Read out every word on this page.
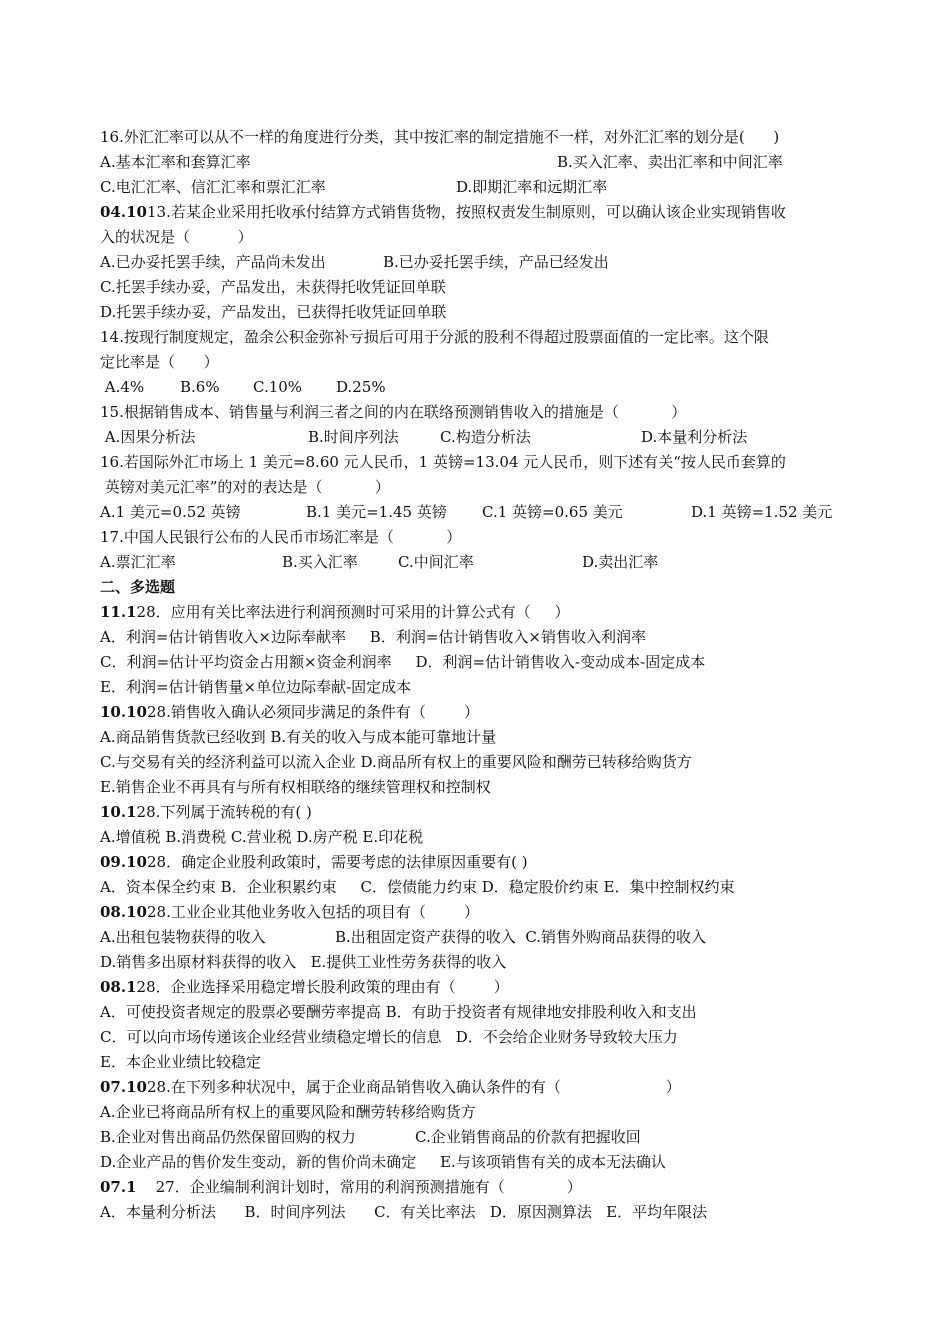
16.外汇汇率可以从不一样的角度进行分类，其中按汇率的制定措施不一样，对外汇汇率的划分是(      )
A.基本汇率和套算汇率	B.买入汇率、卖出汇率和中间汇率
C.电汇汇率、信汇汇率和票汇汇率	D.即期汇率和远期汇率
04.1013.若某企业采用托收承付结算方式销售货物，按照权责发生制原则，可以确认该企业实现销售收
入的状况是（          ）
A.已办妥托罢手续，产品尚未发出	B.已办妥托罢手续，产品已经发出
C.托罢手续办妥，产品发出，未获得托收凭证回单联
D.托罢手续办妥，产品发出，已获得托收凭证回单联
14.按现行制度规定，盈余公积金弥补亏损后可用于分派的股利不得超过股票面值的一定比率。这个限
定比率是（      ）
A.4% B.6% C.10% D.25%
15.根据销售成本、销售量与利润三者之间的内在联络预测销售收入的措施是（           ）
A.因果分析法	B.时间序列法	C.构造分析法	D.本量利分析法
16.若国际外汇市场上 1 美元=8.60 元人民币，1 英镑=13.04 元人民币，则下述有关“按人民币套算的
英镑对美元汇率”的对的表达是（           ）
A.1 美元=0.52 英镑	B.1 美元=1.45 英镑 C.1 英镑=0.65 美元	D.1 英镑=1.52 美元
17.中国人民银行公布的人民币市场汇率是（           ）
A.票汇汇率	B.买入汇率	C.中间汇率	D.卖出汇率
二、多选题
11.128．应用有关比率法进行利润预测时可采用的计算公式有（     ）
A．利润=估计销售收入×边际奉献率     B．利润=估计销售收入×销售收入利润率
C．利润=估计平均资金占用额×资金利润率     D．利润=估计销售收入-变动成本-固定成本
E．利润=估计销售量×单位边际奉献-固定成本
10.1028.销售收入确认必须同步满足的条件有（        ）
A.商品销售货款已经收到 B.有关的收入与成本能可靠地计量
C.与交易有关的经济利益可以流入企业 D.商品所有权上的重要风险和酬劳已转移给购货方
E.销售企业不再具有与所有权相联络的继续管理权和控制权
10.128.下列属于流转税的有( )
A.增值税 B.消费税 C.营业税 D.房产税 E.印花税
09.1028．确定企业股利政策时，需要考虑的法律原因重要有( )
A．资本保全约束 B．企业积累约束     C．偿债能力约束 D．稳定股价约束 E．集中控制权约束
08.1028.工业企业其他业务收入包括的项目有（        ）
A.出租包装物获得的收入	B.出租固定资产获得的收入  C.销售外购商品获得的收入
D.销售多出原材料获得的收入   E.提供工业性劳务获得的收入
08.128．企业选择采用稳定增长股利政策的理由有（        ）
A．可使投资者规定的股票必要酬劳率提高 B．有助于投资者有规律地安排股利收入和支出
C．可以向市场传递该企业经营业绩稳定增长的信息   D．不会给企业财务导致较大压力
E．本企业业绩比较稳定
07.1028.在下列多种状况中，属于企业商品销售收入确认条件的有（                      ）
A.企业已将商品所有权上的重要风险和酬劳转移给购货方
B.企业对售出商品仍然保留回购的权力	C.企业销售商品的价款有把握收回
D.企业产品的售价发生变动，新的售价尚未确定     E.与该项销售有关的成本无法确认
07.1    27．企业编制利润计划时，常用的利润预测措施有（             ）
A．本量利分析法      B．时间序列法      C．有关比率法   D．原因测算法   E．平均年限法
